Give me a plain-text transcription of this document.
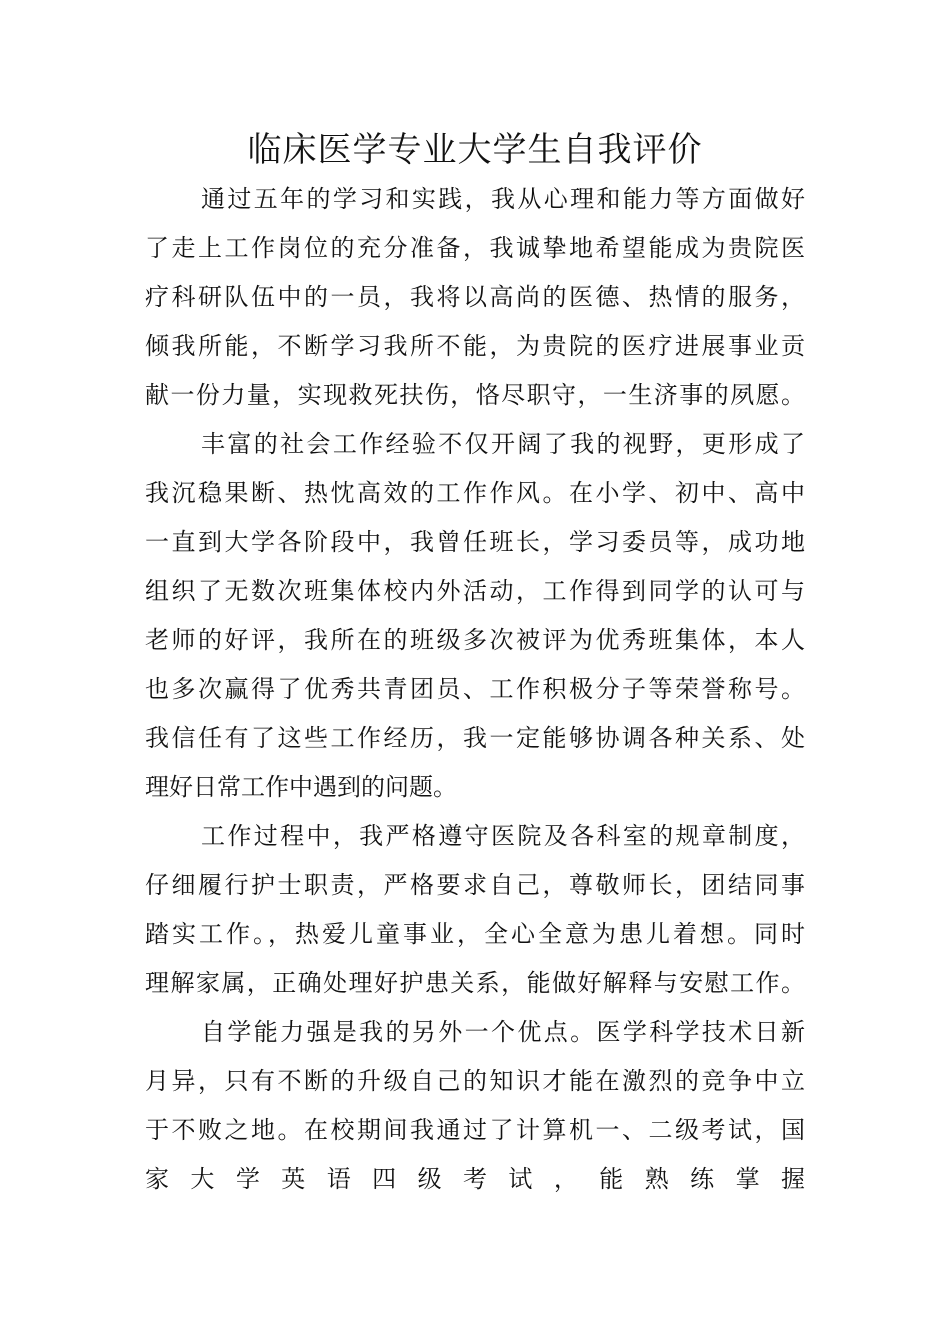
临床医学专业大学生自我评价
通过五年的学习和实践，我从心理和能力等方面做好
了走上工作岗位的充分准备，我诚挚地希望能成为贵院医
疗科研队伍中的一员，我将以高尚的医德、热情的服务，
倾我所能，不断学习我所不能，为贵院的医疗进展事业贡
献一份力量，实现救死扶伤，恪尽职守，一生济事的夙愿。
丰富的社会工作经验不仅开阔了我的视野，更形成了
我沉稳果断、热忱高效的工作作风。在小学、初中、高中
一直到大学各阶段中，我曾任班长，学习委员等，成功地
组织了无数次班集体校内外活动，工作得到同学的认可与
老师的好评，我所在的班级多次被评为优秀班集体，本人
也多次赢得了优秀共青团员、工作积极分子等荣誉称号。
我信任有了这些工作经历，我一定能够协调各种关系、处
理好日常工作中遇到的问题。
工作过程中，我严格遵守医院及各科室的规章制度，
仔细履行护士职责，严格要求自己，尊敬师长，团结同事
踏实工作。，热爱儿童事业，全心全意为患儿着想。同时
理解家属，正确处理好护患关系，能做好解释与安慰工作。
自学能力强是我的另外一个优点。医学科学技术日新
月异，只有不断的升级自己的知识才能在激烈的竞争中立
于不败之地。在校期间我通过了计算机一、二级考试，国
家大学英语四级考试，能熟练掌握
